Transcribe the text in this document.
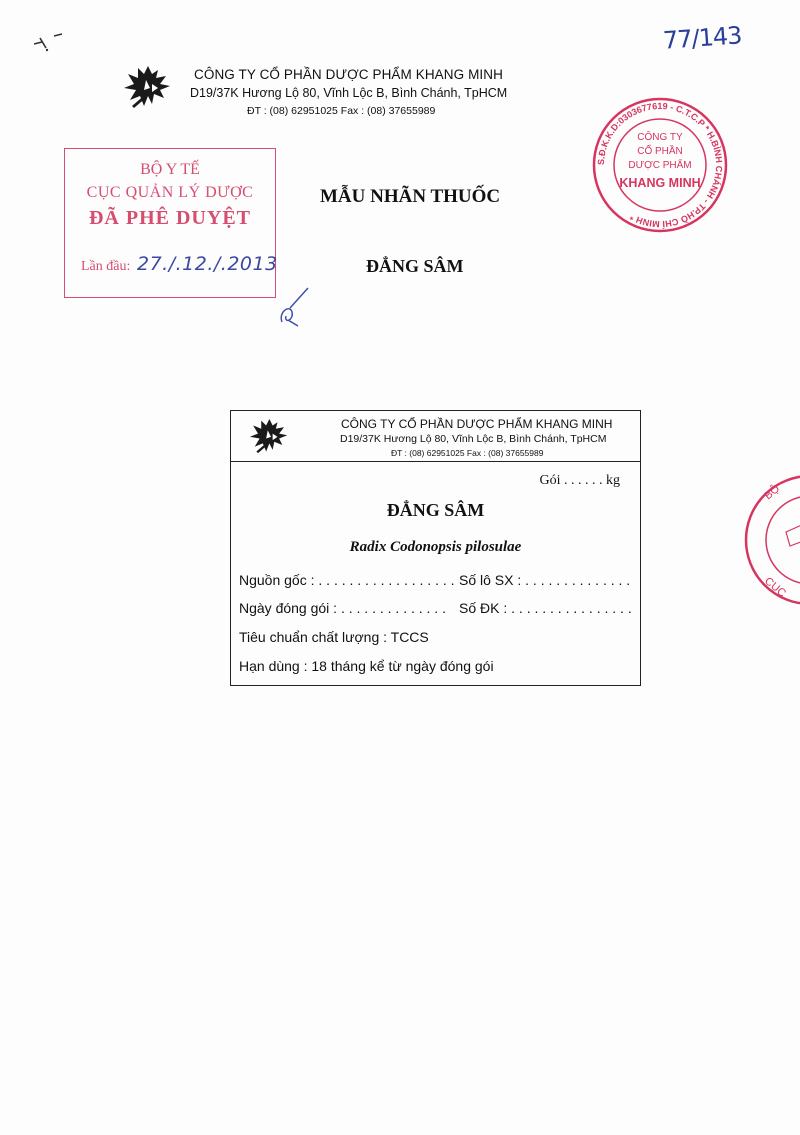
77/143
CÔNG TY CỔ PHẦN DƯỢC PHẨM KHANG MINH
D19/37K Hương Lộ 80, Vĩnh Lộc B, Bình Chánh, TpHCM
ĐT : (08) 62951025 Fax : (08) 37655989
BỘ Y TẾ
CỤC QUẢN LÝ DƯỢC
ĐÃ PHÊ DUYỆT
Lần đầu: 27./.12./.2013
MẪU NHÃN THUỐC
ĐẲNG SÂM
S.Đ.K.K.D:0303677619 - C.T.C.P * H.BÌNH CHÁNH - TP.HỒ CHÍ MINH *
CÔNG TY
CỔ PHẦN
DƯỢC PHẨM
KHANG MINH
BỘ
CỤC
CÔNG TY CỔ PHẦN DƯỢC PHẨM KHANG MINH
D19/37K Hương Lộ 80, Vĩnh Lộc B, Bình Chánh, TpHCM
ĐT : (08) 62951025 Fax : (08) 37655989
Gói . . . . . . kg
ĐẲNG SÂM
Radix Codonopsis pilosulae
Nguồn gốc : . . . . . . . . . . . . . . . . . . Số lô SX : . . . . . . . . . . . . . .
Ngày đóng gói : . . . . . . . . . . . . . . Số ĐK : . . . . . . . . . . . . . . . .
Tiêu chuẩn chất lượng : TCCS
Hạn dùng : 18 tháng kể từ ngày đóng gói
